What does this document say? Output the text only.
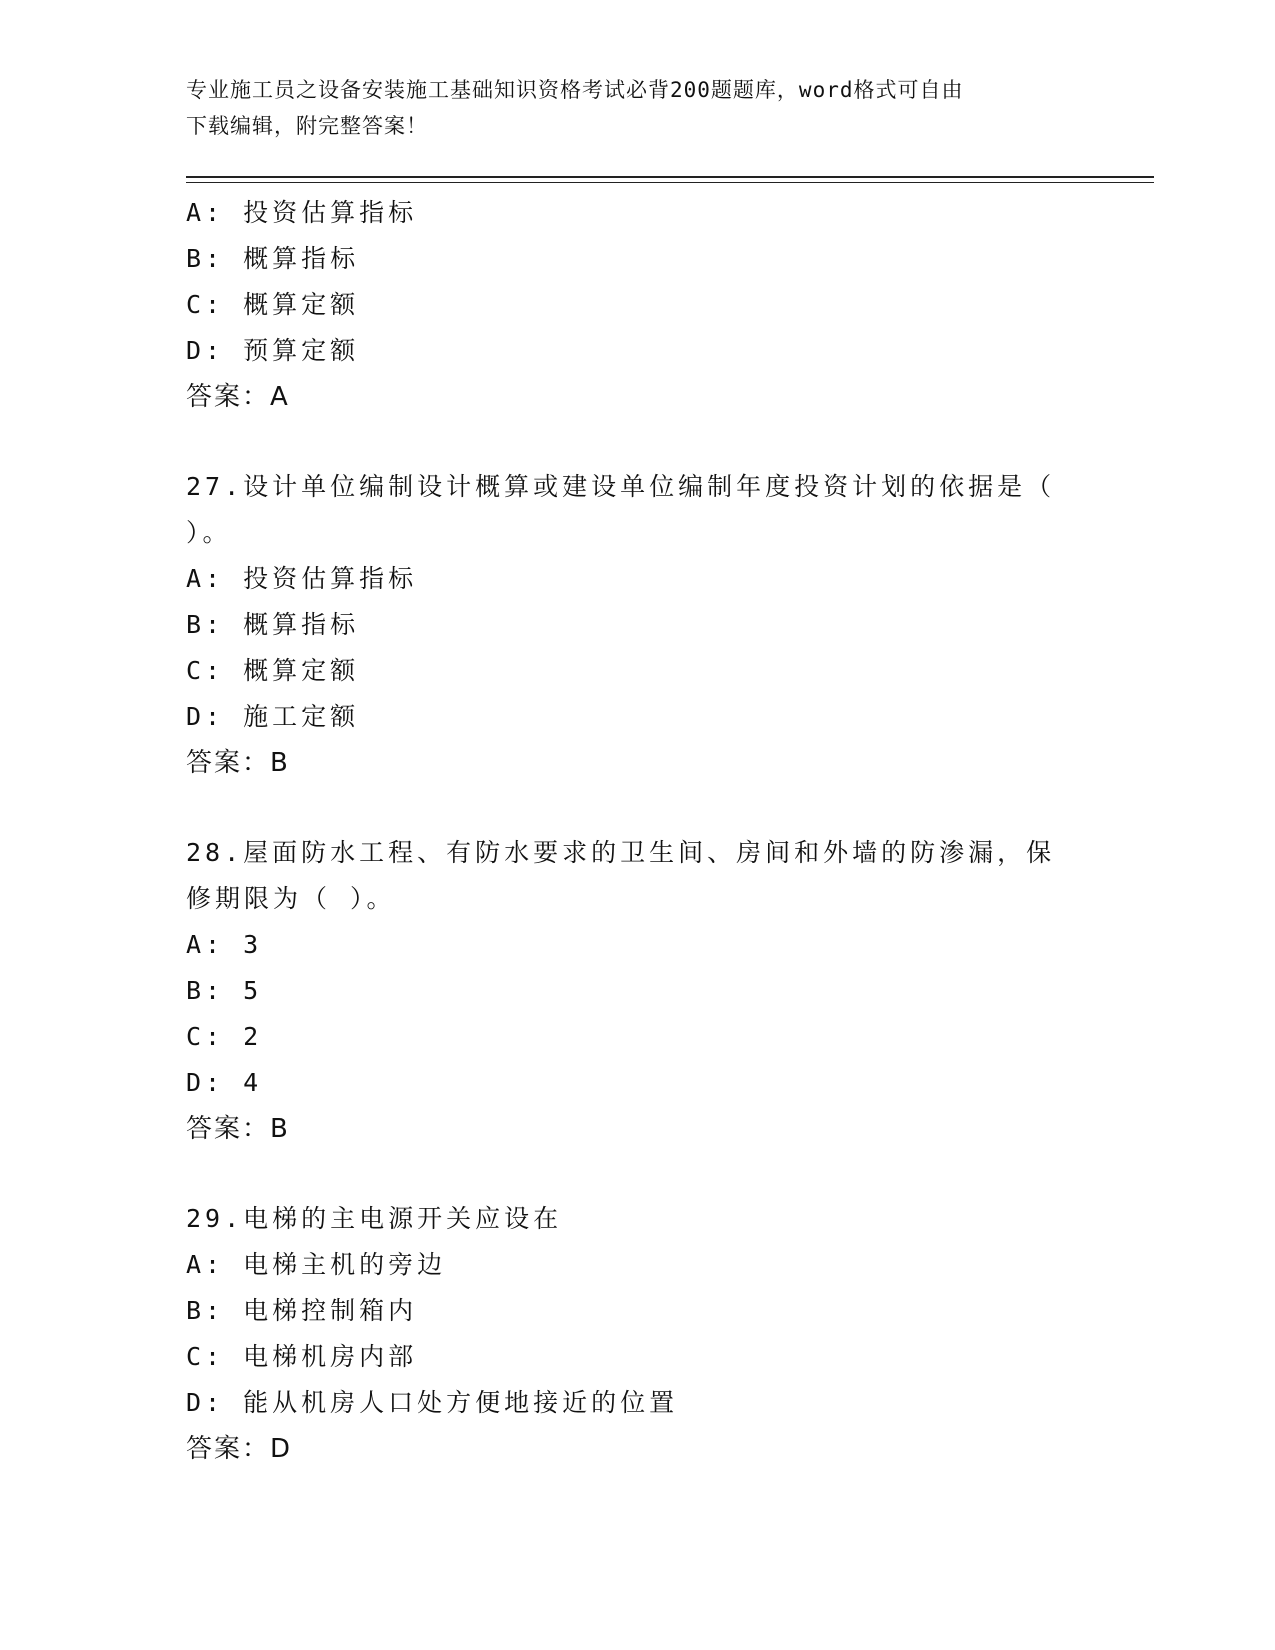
专业施工员之设备安装施工基础知识资格考试必背200题题库，word格式可自由
下载编辑，附完整答案！
A: 投资估算指标
B: 概算指标
C: 概算定额
D: 预算定额
答案：A
27.设计单位编制设计概算或建设单位编制年度投资计划的依据是（ ）。
A: 投资估算指标
B: 概算指标
C: 概算定额
D: 施工定额
答案：B
28.屋面防水工程、有防水要求的卫生间、房间和外墙的防渗漏，保修期限为（ ）。
A: 3
B: 5
C: 2
D: 4
答案：B
29.电梯的主电源开关应设在
A: 电梯主机的旁边
B: 电梯控制箱内
C: 电梯机房内部
D: 能从机房人口处方便地接近的位置
答案：D
